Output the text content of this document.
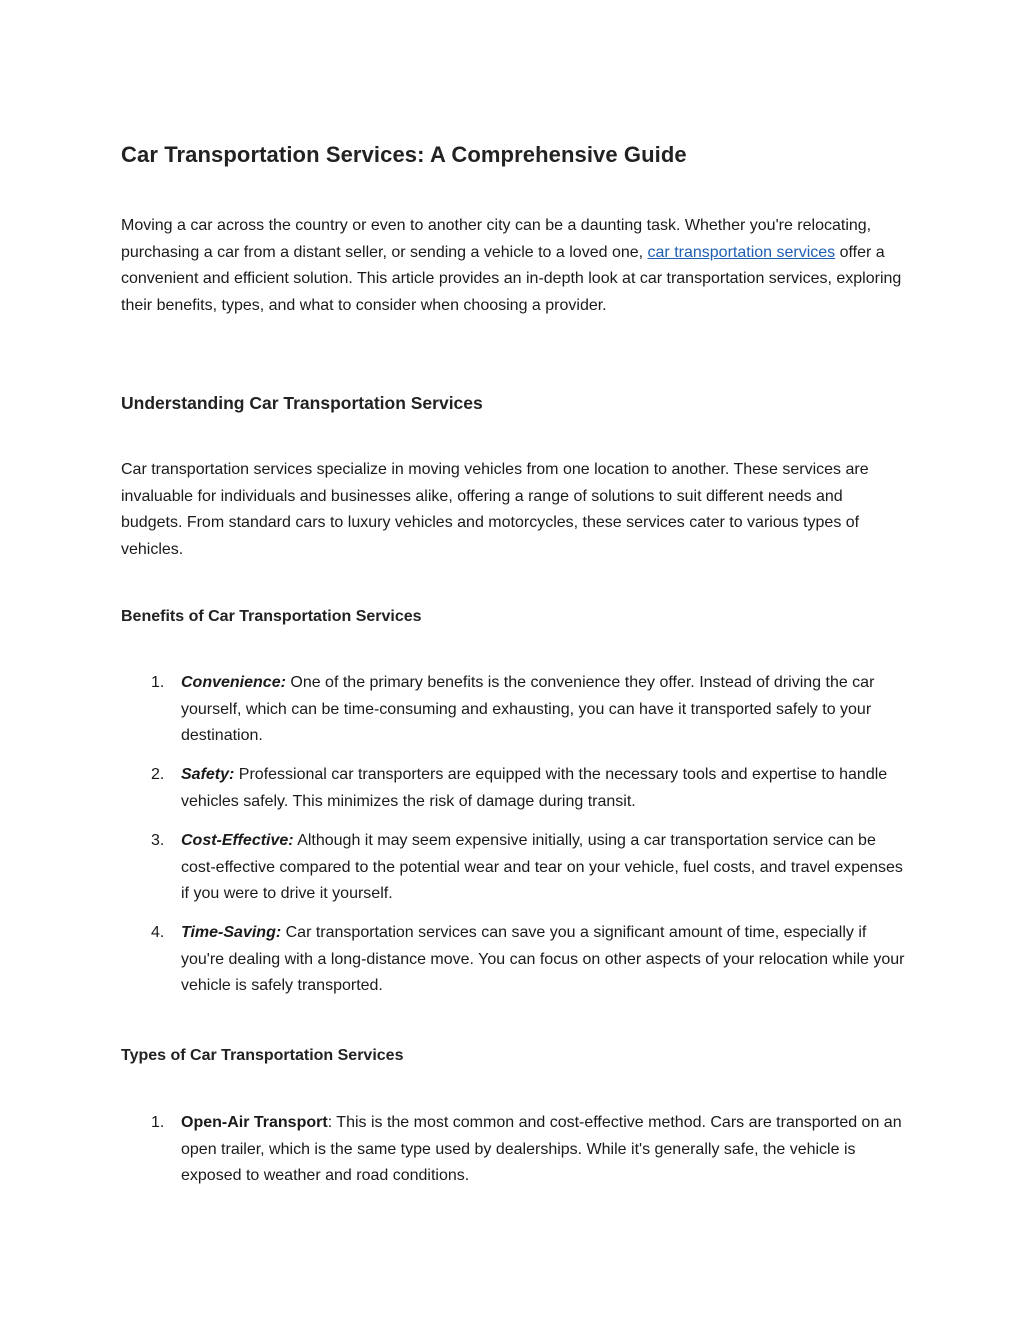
Car Transportation Services: A Comprehensive Guide

Moving a car across the country or even to another city can be a daunting task. Whether you're relocating, purchasing a car from a distant seller, or sending a vehicle to a loved one, car transportation services offer a convenient and efficient solution. This article provides an in-depth look at car transportation services, exploring their benefits, types, and what to consider when choosing a provider.

Understanding Car Transportation Services

Car transportation services specialize in moving vehicles from one location to another. These services are invaluable for individuals and businesses alike, offering a range of solutions to suit different needs and budgets. From standard cars to luxury vehicles and motorcycles, these services cater to various types of vehicles.

Benefits of Car Transportation Services
1. Convenience: One of the primary benefits is the convenience they offer. Instead of driving the car yourself, which can be time-consuming and exhausting, you can have it transported safely to your destination.
2. Safety: Professional car transporters are equipped with the necessary tools and expertise to handle vehicles safely. This minimizes the risk of damage during transit.
3. Cost-Effective: Although it may seem expensive initially, using a car transportation service can be cost-effective compared to the potential wear and tear on your vehicle, fuel costs, and travel expenses if you were to drive it yourself.
4. Time-Saving: Car transportation services can save you a significant amount of time, especially if you're dealing with a long-distance move. You can focus on other aspects of your relocation while your vehicle is safely transported.
Types of Car Transportation Services
1. Open-Air Transport: This is the most common and cost-effective method. Cars are transported on an open trailer, which is the same type used by dealerships. While it's generally safe, the vehicle is exposed to weather and road conditions.
